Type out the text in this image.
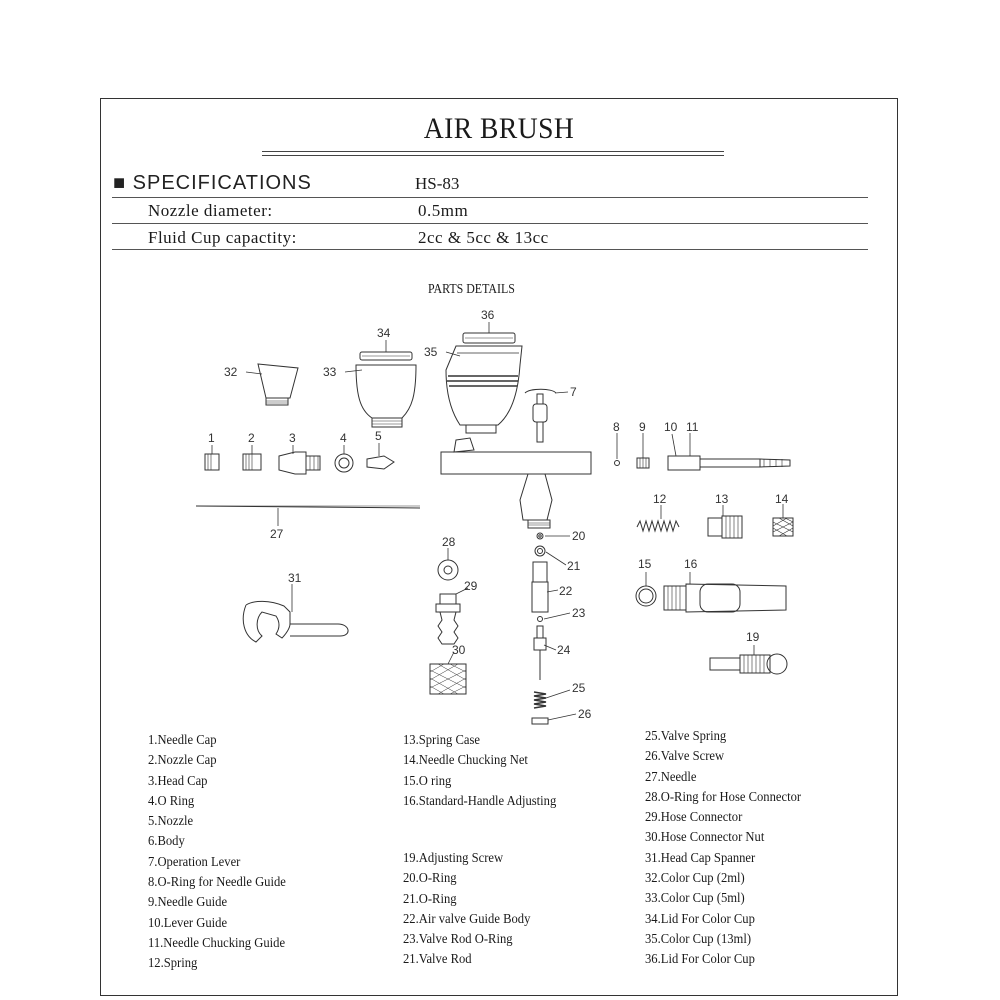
AIR BRUSH
■ SPECIFICATIONS	HS-83
Nozzle diameter:	0.5mm
Fluid Cup capactity:	2cc & 5cc & 13cc
PARTS DETAILS
1	2	3	4 5
7
8 9 10 11
12	13	14
15	16
19
20
21
22
23
24
25
26
27
28
29
30
31
32	33
34
35
36
1.Needle Cap
2.Nozzle Cap
3.Head Cap
4.O Ring
5.Nozzle
6.Body
7.Operation Lever
8.O-Ring for Needle Guide
9.Needle Guide
10.Lever Guide
11.Needle Chucking Guide
12.Spring
13.Spring Case
14.Needle Chucking Net
15.O ring
16.Standard-Handle Adjusting
19.Adjusting Screw
20.O-Ring
21.O-Ring
22.Air valve Guide Body
23.Valve Rod O-Ring
21.Valve Rod
25.Valve Spring
26.Valve Screw
27.Needle
28.O-Ring for Hose Connector
29.Hose Connector
30.Hose Connector Nut
31.Head Cap Spanner
32.Color Cup (2ml)
33.Color Cup (5ml)
34.Lid For Color Cup
35.Color Cup (13ml)
36.Lid For Color Cup
